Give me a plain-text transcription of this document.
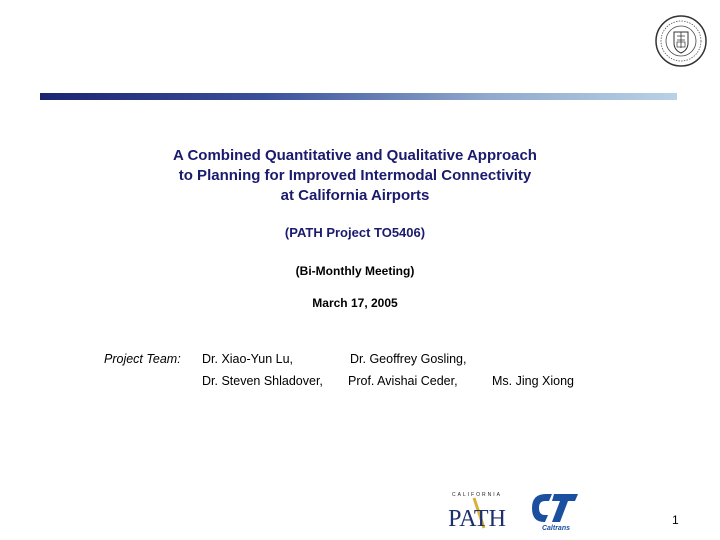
A Combined Quantitative and Qualitative Approach
to Planning for Improved Intermodal Connectivity
at California Airports
(PATH Project TO5406)
(Bi-Monthly Meeting)
March 17, 2005
Project Team: Dr. Xiao-Yun Lu,	Dr. Geoffrey Gosling,
Dr. Steven Shladover, Prof. Avishai Ceder,	Ms. Jing Xiong
CALIFORNIA
PATH	Caltrans
1
